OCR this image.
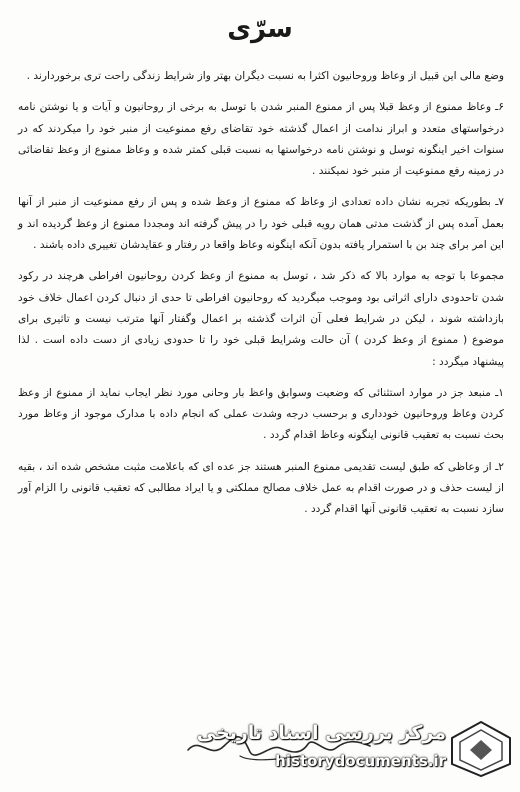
سرّی

وضع مالی این قبیل از وعاظ وروحانیون اکثرا به نسبت دیگران بهتر واز شرایط زندگی راحت تری برخوردارند .

۶ـ وعاظ ممنوع از وعظ قبلا پس از ممنوع المنبر شدن با توسل به برخی از روحانیون و آیات و یا نوشتن نامه درخواستهای متعدد و ابراز ندامت از اعمال گذشته خود تقاضای رفع ممنوعیت از منبر خود را میکردند که در سنوات اخیر اینگونه توسل و نوشتن نامه درخواستها به نسبت قبلی کمتر شده و وعاظ ممنوع از وعظ تقاضائی در زمینه رفع ممنوعیت از منبر خود نمیکنند .

۷ـ بطوریکه تجربه نشان داده تعدادی از وعاظ که ممنوع از وعظ شده و پس از رفع ممنوعیت از منبر از آنها بعمل آمده پس از گذشت مدتی همان رویه قبلی خود را در پیش گرفته اند ومجددا ممنوع از وعظ گردیده اند و این امر برای چند بن با استمرار یافته بدون آنکه اینگونه وعاظ واقعا در رفتار و عقایدشان تغییری داده باشند .

مجموعا با توجه به موارد بالا که ذکر شد ، توسل به ممنوع از وعظ کردن روحانیون افراطی هرچند در رکود شدن تاحدودی دارای اثراتی بود وموجب میگردید که روحانیون افراطی تا حدی از دنبال کردن اعمال خلاف خود بازداشته شوند ، لیکن در شرایط فعلی آن اثرات گذشته بر اعمال وگفتار آنها مترتب نیست و تاثیری برای موضوع ( ممنوع از وعظ کردن ) آن حالت وشرایط قبلی خود را تا حدودی زیادی از دست داده است . لذا پیشنهاد میگردد :

۱ـ منبعد جز در موارد استثنائی که وضعیت وسوابق واعظ بار وحانی مورد نظر ایجاب نماید از ممنوع از وعظ کردن وعاظ وروحانیون خودداری و برحسب درجه وشدت عملی که انجام داده با مدارک موجود از وعاظ مورد بحث نسبت به تعقیب قانونی اینگونه وعاظ اقدام گردد .

۲ـ از وعاظی که طبق لیست تقدیمی ممنوع المنبر هستند جز عده ای که باعلامت مثبت مشخص شده اند ، بقیه از لیست حذف و در صورت اقدام به عمل خلاف مصالح مملکتی و یا ایراد مطالبی که تعقیب قانونی را الزام آور سازد نسبت به تعقیب قانونی آنها اقدام گردد .

مرکز بررسی اسناد تاریخی
historydocuments.ir
